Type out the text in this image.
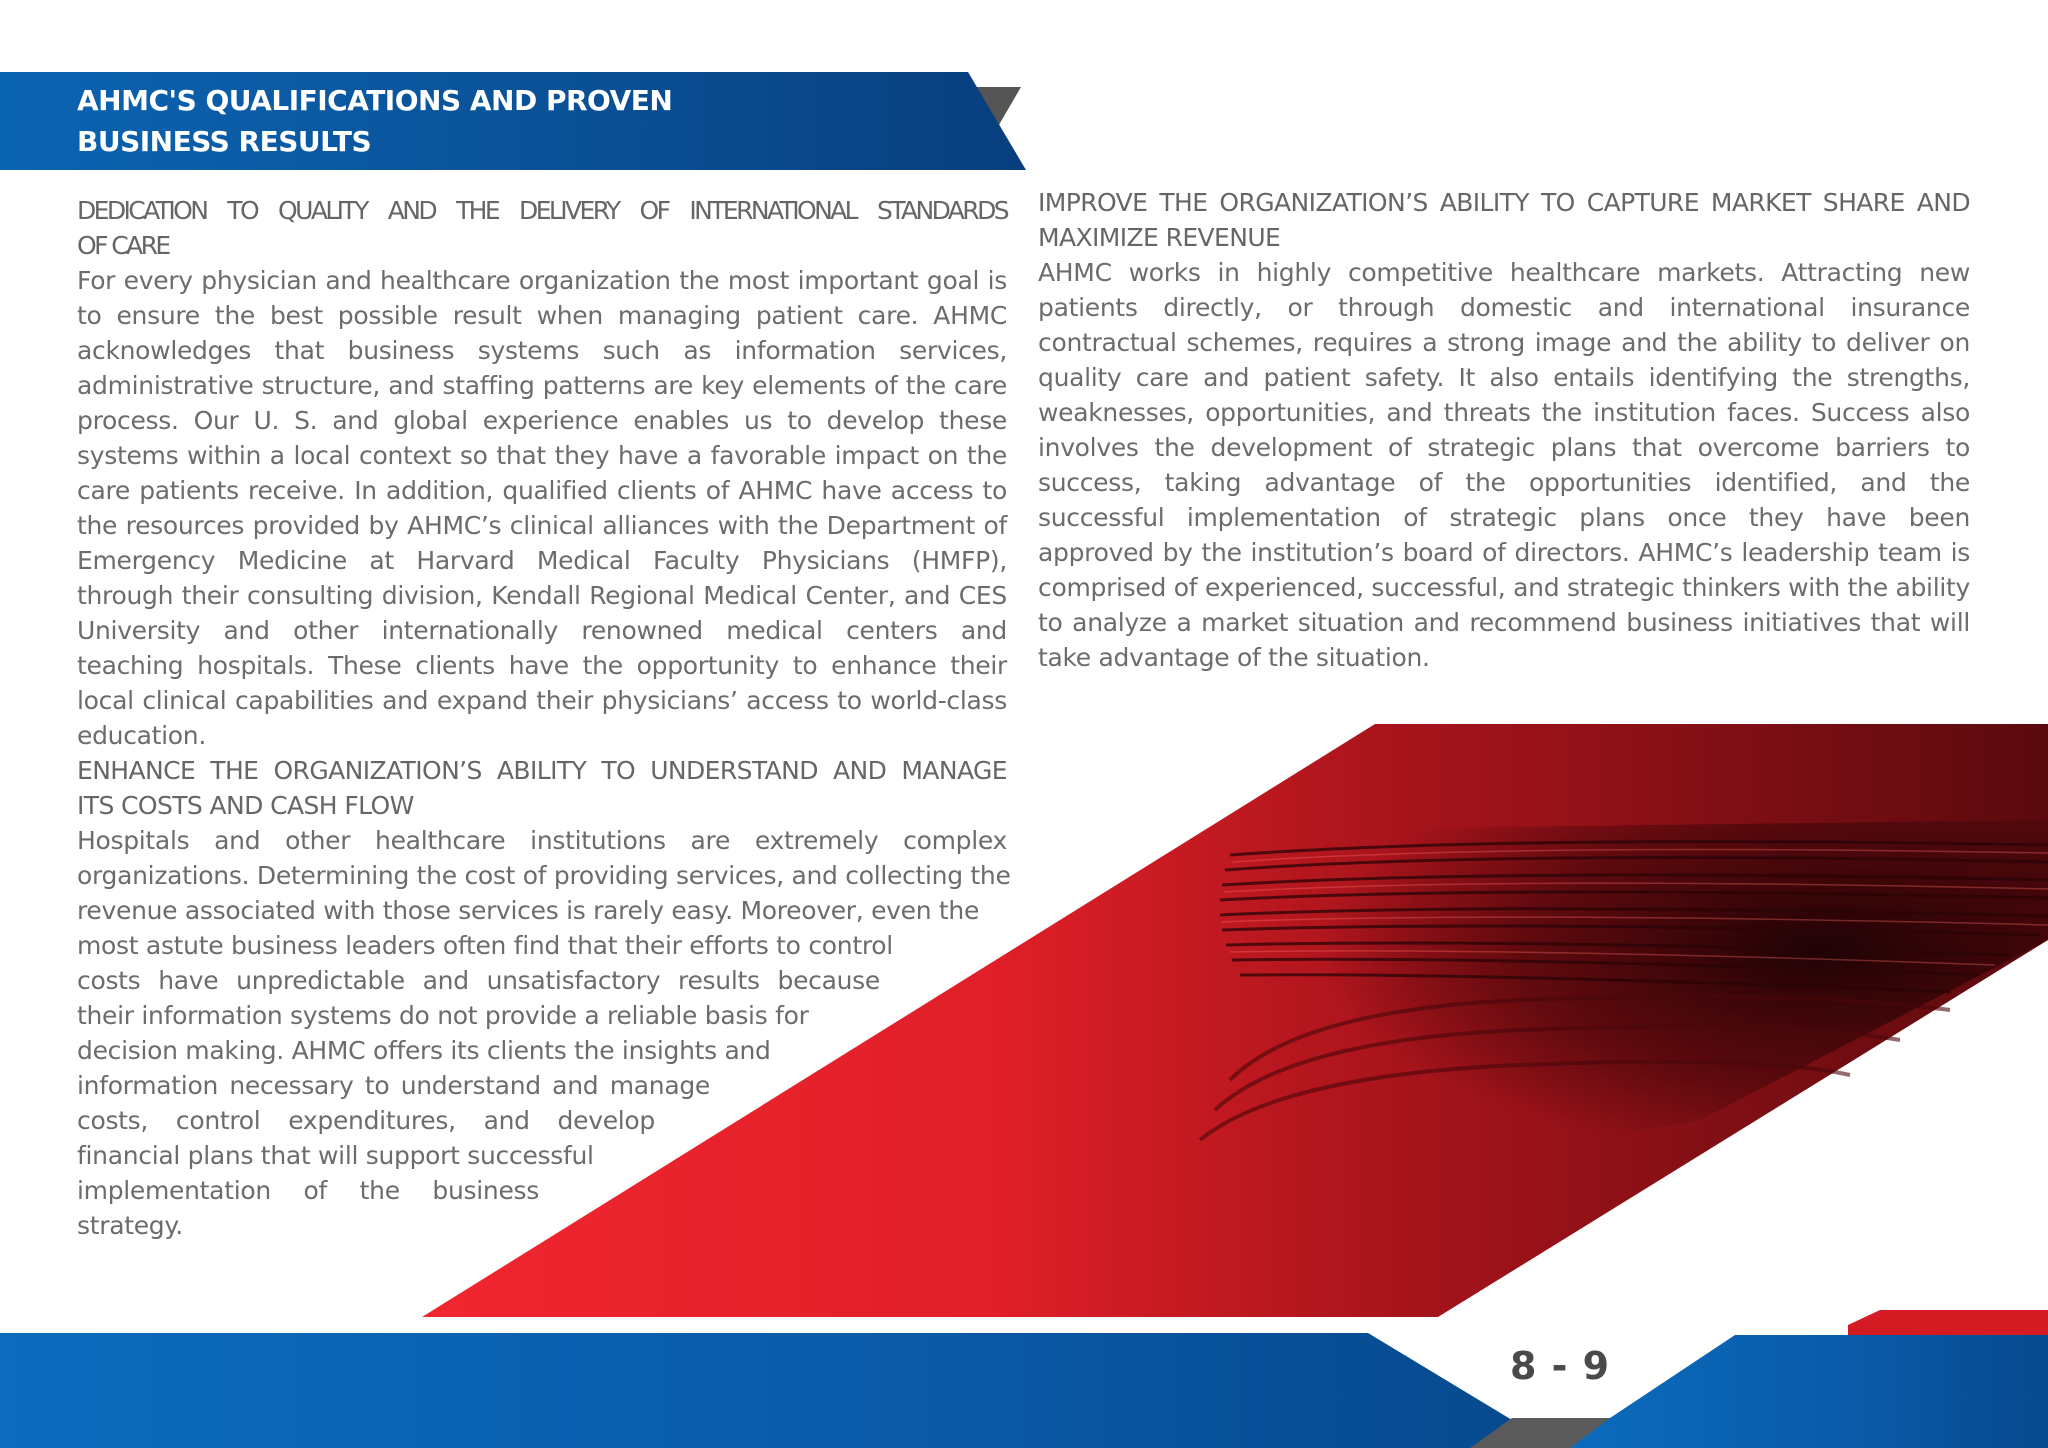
AHMC'S QUALIFICATIONS AND PROVEN
BUSINESS RESULTS

DEDICATION TO QUALITY AND THE DELIVERY OF INTERNATIONAL STANDARDS
OF CARE

For every physician and healthcare organization the most important goal is to ensure the best possible result when managing patient care. AHMC acknowledges that business systems such as information services, administrative structure, and staffing patterns are key elements of the care process. Our U. S. and global experience enables us to develop these systems within a local context so that they have a favorable impact on the care patients receive. In addition, qualified clients of AHMC have access to the resources provided by AHMC’s clinical alliances with the Department of Emergency Medicine at Harvard Medical Faculty Physicians (HMFP), through their consulting division, Kendall Regional Medical Center, and CES University and other internationally renowned medical centers and teaching hospitals. These clients have the opportunity to enhance their local clinical capabilities and expand their physicians’ access to world-class education.

ENHANCE THE ORGANIZATION’S ABILITY TO UNDERSTAND AND MANAGE
ITS COSTS AND CASH FLOW

Hospitals and other healthcare institutions are extremely complex
organizations. Determining the cost of providing services, and collecting the
revenue associated with those services is rarely easy. Moreover, even the
most astute business leaders often find that their efforts to control
costs have unpredictable and unsatisfactory results because
their information systems do not provide a reliable basis for
decision making. AHMC offers its clients the insights and
information necessary to understand and manage
costs, control expenditures, and develop
financial plans that will support successful
implementation of the business
strategy.

IMPROVE THE ORGANIZATION’S ABILITY TO CAPTURE MARKET SHARE AND
MAXIMIZE REVENUE

AHMC works in highly competitive healthcare markets. Attracting new patients directly, or through domestic and international insurance contractual schemes, requires a strong image and the ability to deliver on quality care and patient safety. It also entails identifying the strengths, weaknesses, opportunities, and threats the institution faces. Success also involves the development of strategic plans that overcome barriers to success, taking advantage of the opportunities identified, and the successful implementation of strategic plans once they have been approved by the institution’s board of directors. AHMC’s leadership team is comprised of experienced, successful, and strategic thinkers with the ability to analyze a market situation and recommend business initiatives that will take advantage of the situation.

8 - 9
